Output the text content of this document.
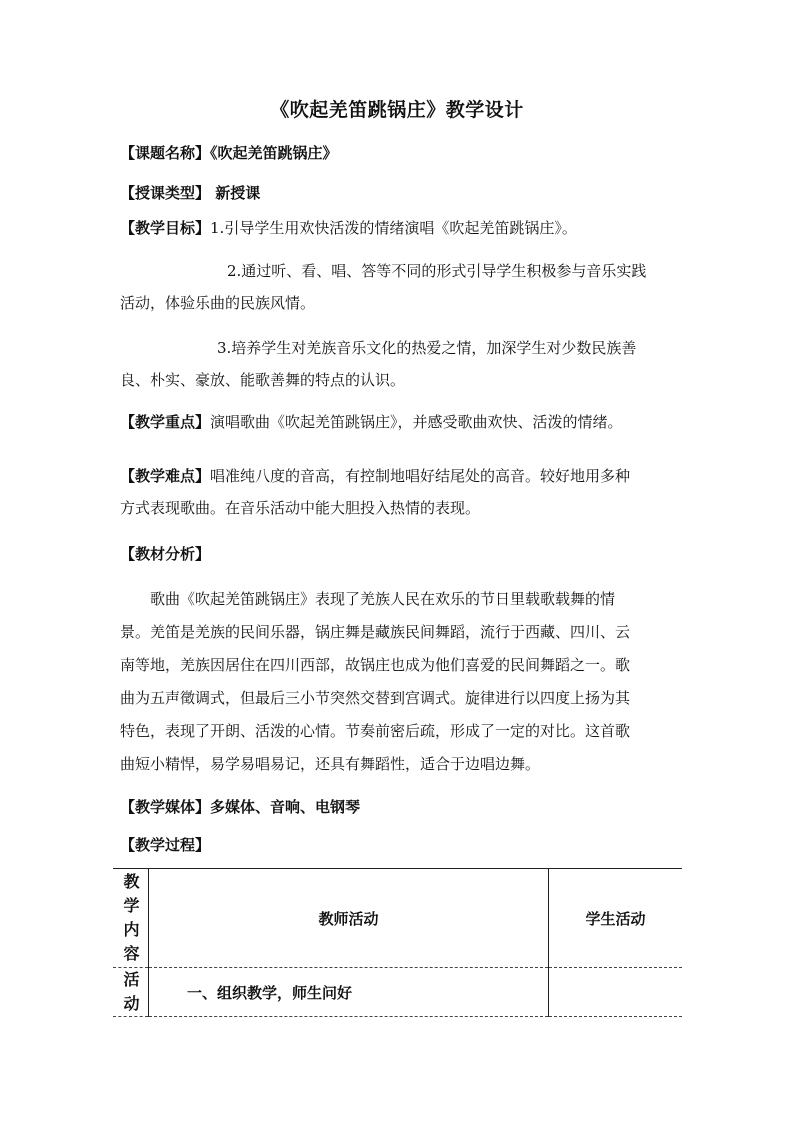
《吹起羌笛跳锅庄》教学设计
【课题名称】《吹起羌笛跳锅庄》
【授课类型】 新授课
【教学目标】1.引导学生用欢快活泼的情绪演唱《吹起羌笛跳锅庄》。
2.通过听、看、唱、答等不同的形式引导学生积极参与音乐实践
活动，体验乐曲的民族风情。
3.培养学生对羌族音乐文化的热爱之情，加深学生对少数民族善
良、朴实、豪放、能歌善舞的特点的认识。
【教学重点】演唱歌曲《吹起羌笛跳锅庄》，并感受歌曲欢快、活泼的情绪。
【教学难点】唱准纯八度的音高，有控制地唱好结尾处的高音。较好地用多种
方式表现歌曲。在音乐活动中能大胆投入热情的表现。
【教材分析】
歌曲《吹起羌笛跳锅庄》表现了羌族人民在欢乐的节日里载歌载舞的情
景。羌笛是羌族的民间乐器，锅庄舞是藏族民间舞蹈，流行于西藏、四川、云
南等地，羌族因居住在四川西部，故锅庄也成为他们喜爱的民间舞蹈之一。歌
曲为五声徵调式，但最后三小节突然交替到宫调式。旋律进行以四度上扬为其
特色，表现了开朗、活泼的心情。节奏前密后疏，形成了一定的对比。这首歌
曲短小精悍，易学易唱易记，还具有舞蹈性，适合于边唱边舞。
【教学媒体】多媒体、音响、电钢琴
【教学过程】
教
学
内
容	教师活动	学生活动

活
动	一、组织教学，师生问好	
